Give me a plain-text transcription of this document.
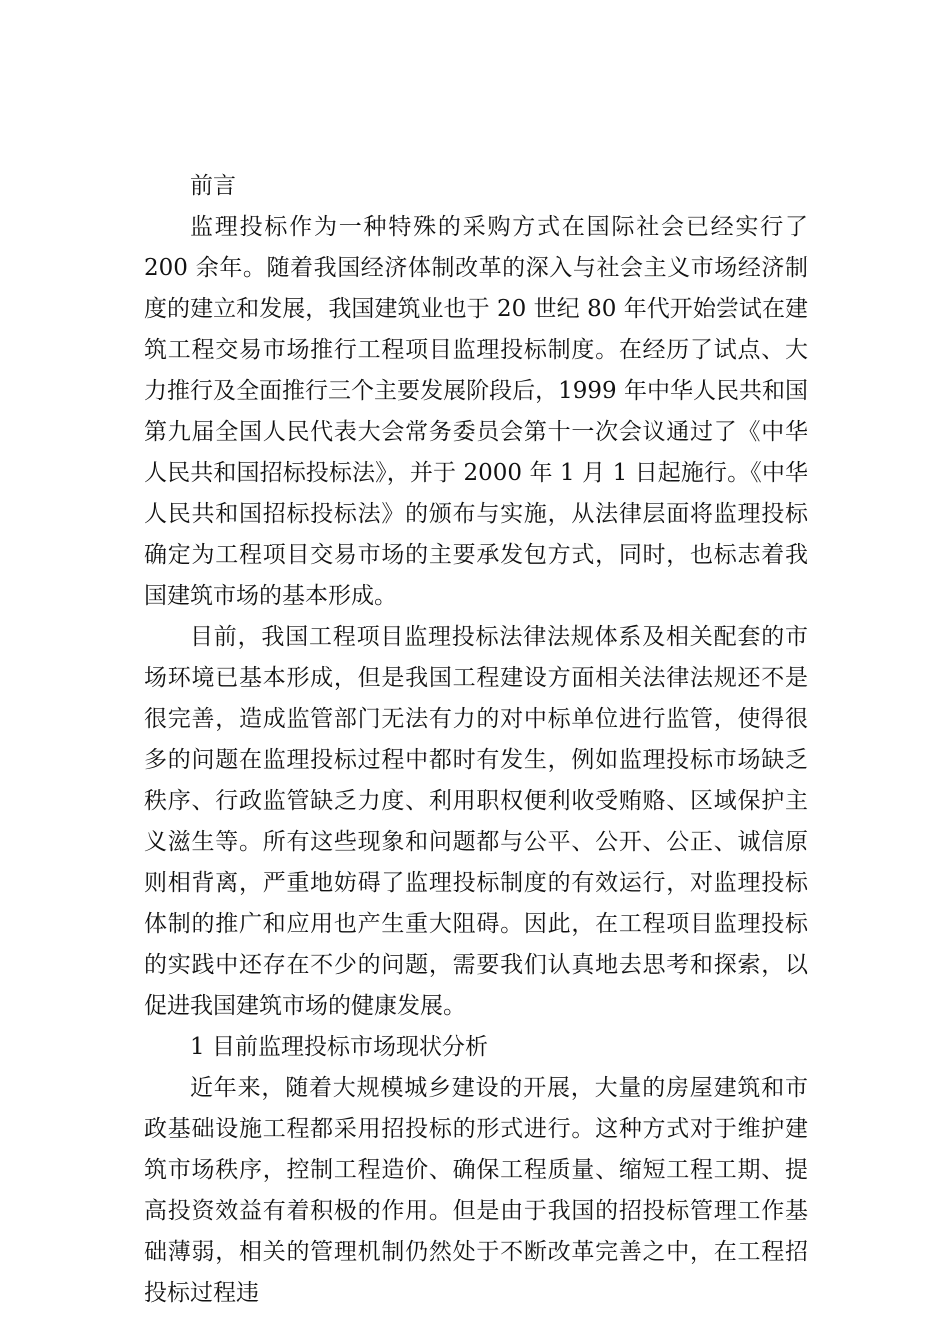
前言

监理投标作为一种特殊的采购方式在国际社会已经实行了 200 余年。随着我国经济体制改革的深入与社会主义市场经济制度的建立和发展，我国建筑业也于 20 世纪 80 年代开始尝试在建筑工程交易市场推行工程项目监理投标制度。在经历了试点、大力推行及全面推行三个主要发展阶段后，1999 年中华人民共和国第九届全国人民代表大会常务委员会第十一次会议通过了《中华人民共和国招标投标法》，并于 2000 年 1 月 1 日起施行。《中华人民共和国招标投标法》的颁布与实施，从法律层面将监理投标确定为工程项目交易市场的主要承发包方式，同时，也标志着我国建筑市场的基本形成。

目前，我国工程项目监理投标法律法规体系及相关配套的市场环境已基本形成，但是我国工程建设方面相关法律法规还不是很完善，造成监管部门无法有力的对中标单位进行监管，使得很多的问题在监理投标过程中都时有发生，例如监理投标市场缺乏秩序、行政监管缺乏力度、利用职权便利收受贿赂、区域保护主义滋生等。所有这些现象和问题都与公平、公开、公正、诚信原则相背离，严重地妨碍了监理投标制度的有效运行，对监理投标体制的推广和应用也产生重大阻碍。因此，在工程项目监理投标的实践中还存在不少的问题，需要我们认真地去思考和探索，以促进我国建筑市场的健康发展。

1 目前监理投标市场现状分析

近年来，随着大规模城乡建设的开展，大量的房屋建筑和市政基础设施工程都采用招投标的形式进行。这种方式对于维护建筑市场秩序，控制工程造价、确保工程质量、缩短工程工期、提高投资效益有着积极的作用。但是由于我国的招投标管理工作基础薄弱，相关的管理机制仍然处于不断改革完善之中，在工程招投标过程违
